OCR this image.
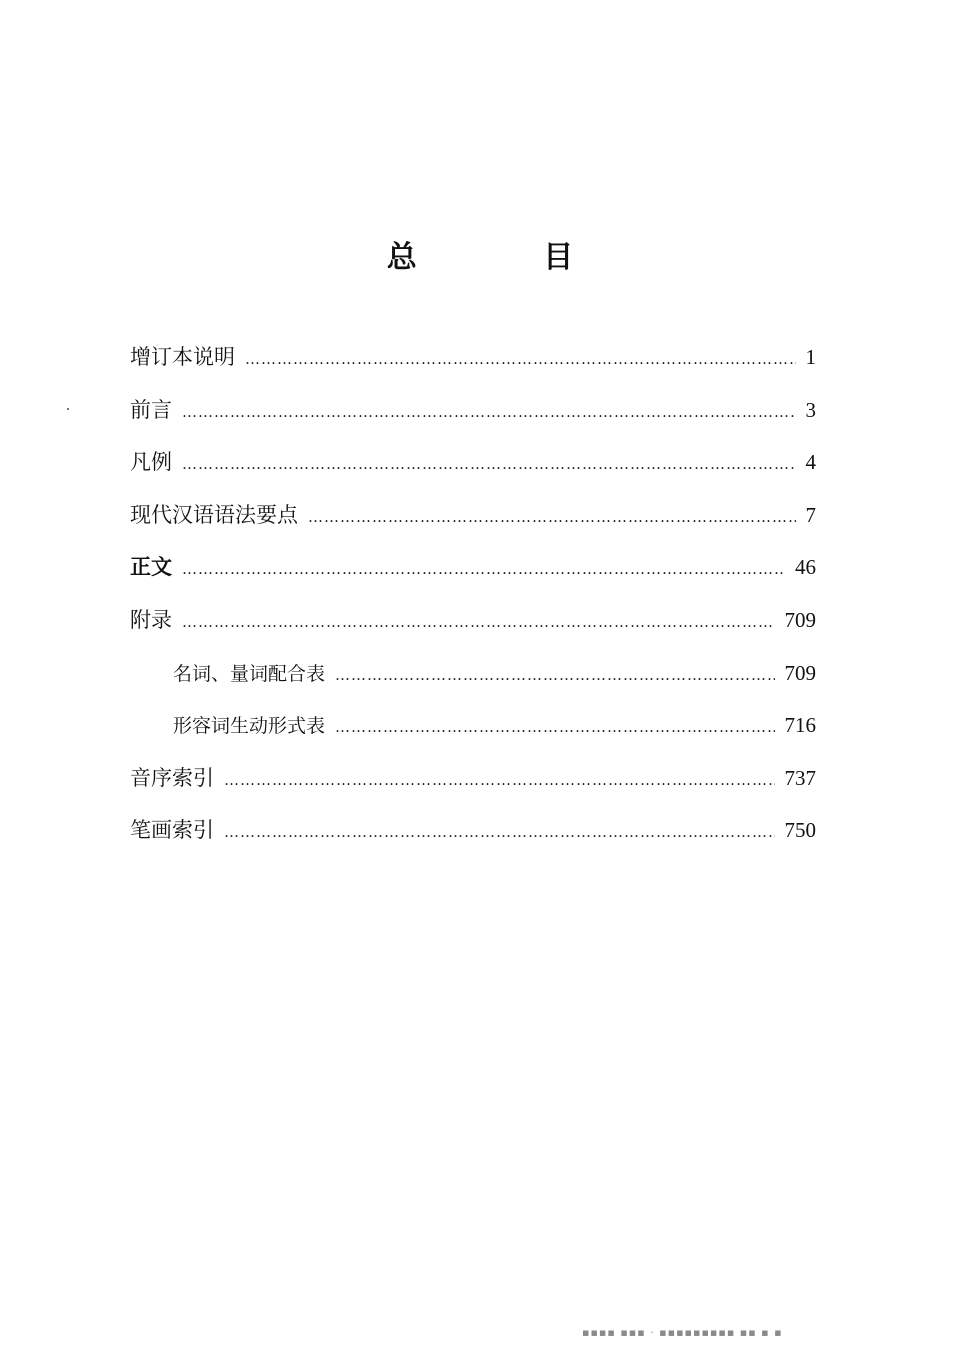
总 目
增订本说明 ……………………………………………………………………………………………………………………………………………………………………	1
前言 ……………………………………………………………………………………………………………………………………………………………………	3
凡例 ……………………………………………………………………………………………………………………………………………………………………	4
现代汉语语法要点 ……………………………………………………………………………………………………………………………………………………………………	7
正文 ……………………………………………………………………………………………………………………………………………………………………	46
附录 ……………………………………………………………………………………………………………………………………………………………………	709
名词、量词配合表 ……………………………………………………………………………………………………………………………………………………………………	709
形容词生动形式表 ……………………………………………………………………………………………………………………………………………………………………	716
音序索引 ……………………………………………………………………………………………………………………………………………………………………	737
笔画索引 ……………………………………………………………………………………………………………………………………………………………………	750
▪▪▪▪ ▪▪▪ · ▪▪▪▪▪▪▪▪▪ ▪▪ ▪ ▪
